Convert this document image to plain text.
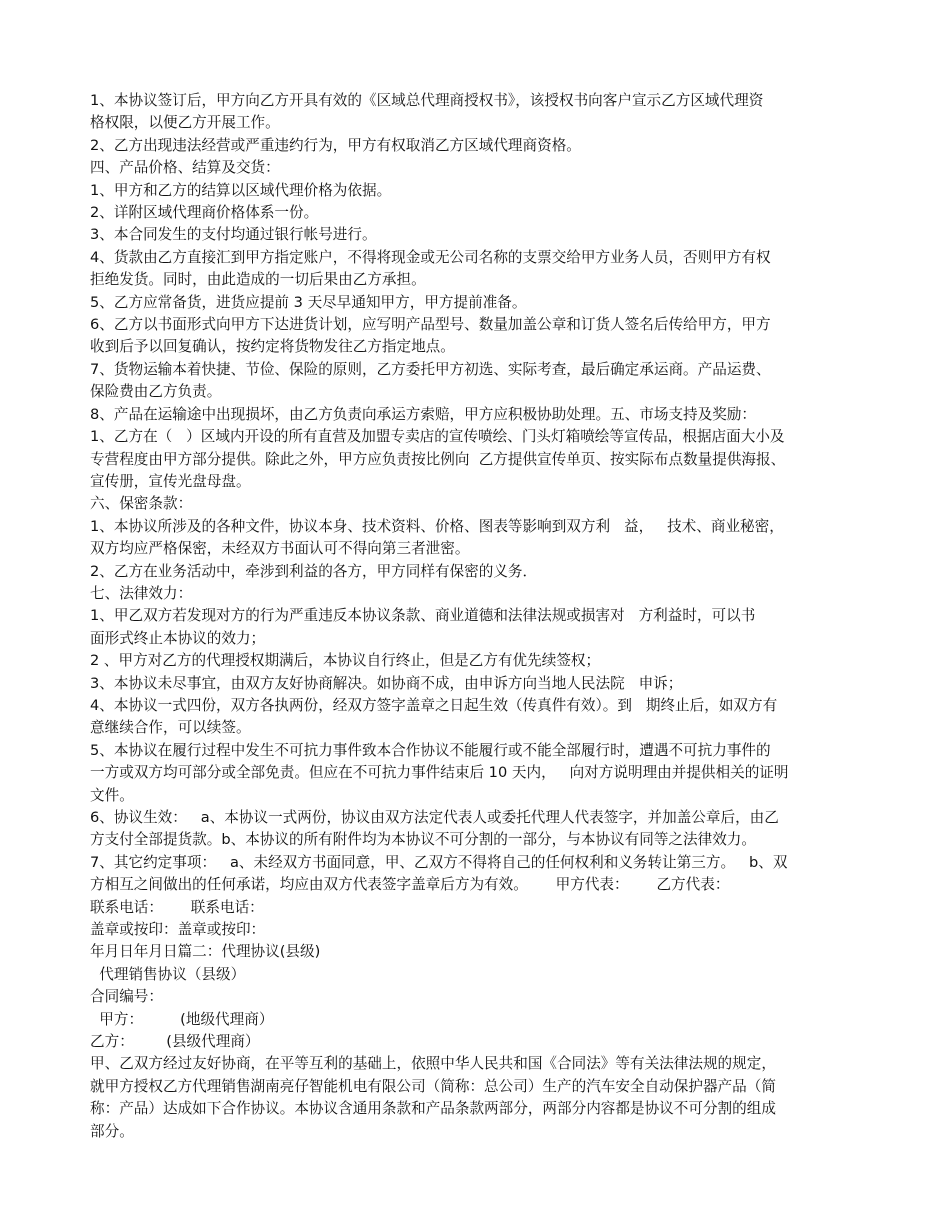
1、本协议签订后，甲方向乙方开具有效的《区域总代理商授权书》，该授权书向客户宣示乙方区域代理资
格权限，以便乙方开展工作。
2、乙方出现违法经营或严重违约行为，甲方有权取消乙方区域代理商资格。
四、产品价格、结算及交货：
1、甲方和乙方的结算以区域代理价格为依据。
2、详附区域代理商价格体系一份。
3、本合同发生的支付均通过银行帐号进行。
4、货款由乙方直接汇到甲方指定账户，不得将现金或无公司名称的支票交给甲方业务人员，否则甲方有权
拒绝发货。同时，由此造成的一切后果由乙方承担。
5、乙方应常备货，进货应提前 3 天尽早通知甲方，甲方提前准备。
6、乙方以书面形式向甲方下达进货计划，应写明产品型号、数量加盖公章和订货人签名后传给甲方，甲方
收到后予以回复确认，按约定将货物发往乙方指定地点。
7、货物运输本着快捷、节俭、保险的原则，乙方委托甲方初选、实际考查，最后确定承运商。产品运费、
保险费由乙方负责。
8、产品在运输途中出现损坏，由乙方负责向承运方索赔，甲方应积极协助处理。五、市场支持及奖励：
1、乙方在（   ）区域内开设的所有直营及加盟专卖店的宣传喷绘、门头灯箱喷绘等宣传品，根据店面大小及
专营程度由甲方部分提供。除此之外，甲方应负责按比例向  乙方提供宣传单页、按实际布点数量提供海报、
宣传册，宣传光盘母盘。
六、保密条款：
1、本协议所涉及的各种文件，协议本身、技术资料、价格、图表等影响到双方利   益，   技术、商业秘密，
双方均应严格保密，未经双方书面认可不得向第三者泄密。
2、乙方在业务活动中，牵涉到利益的各方，甲方同样有保密的义务．
七、法律效力：
1、甲乙双方若发现对方的行为严重违反本协议条款、商业道德和法律法规或损害对   方利益时，可以书
面形式终止本协议的效力；
2 、甲方对乙方的代理授权期满后，本协议自行终止，但是乙方有优先续签权；
3、本协议未尽事宜，由双方友好协商解决。如协商不成，由申诉方向当地人民法院   申诉；
4、本协议一式四份，双方各执两份，经双方签字盖章之日起生效（传真件有效）。到   期终止后，如双方有
意继续合作，可以续签。
5、本协议在履行过程中发生不可抗力事件致本合作协议不能履行或不能全部履行时，遭遇不可抗力事件的
一方或双方均可部分或全部免责。但应在不可抗力事件结束后 10 天内，   向对方说明理由并提供相关的证明
文件。
6、协议生效：   a、本协议一式两份，协议由双方法定代表人或委托代理人代表签字，并加盖公章后，由乙
方支付全部提货款。b、本协议的所有附件均为本协议不可分割的一部分，与本协议有同等之法律效力。
7、其它约定事项：   a、未经双方书面同意，甲、乙双方不得将自己的任何权利和义务转让第三方。   b、双
方相互之间做出的任何承诺，均应由双方代表签字盖章后方为有效。      甲方代表：      乙方代表：
联系电话：      联系电话：
盖章或按印：盖章或按印：
年月日年月日篇二：代理协议(县级)
代理销售协议（县级）
合同编号：
甲方：        (地级代理商）
乙方：       (县级代理商）
甲、乙双方经过友好协商，在平等互利的基础上，依照中华人民共和国《合同法》等有关法律法规的规定，
就甲方授权乙方代理销售湖南亮仔智能机电有限公司（简称：总公司）生产的汽车安全自动保护器产品（简
称：产品）达成如下合作协议。本协议含通用条款和产品条款两部分，两部分内容都是协议不可分割的组成
部分。
